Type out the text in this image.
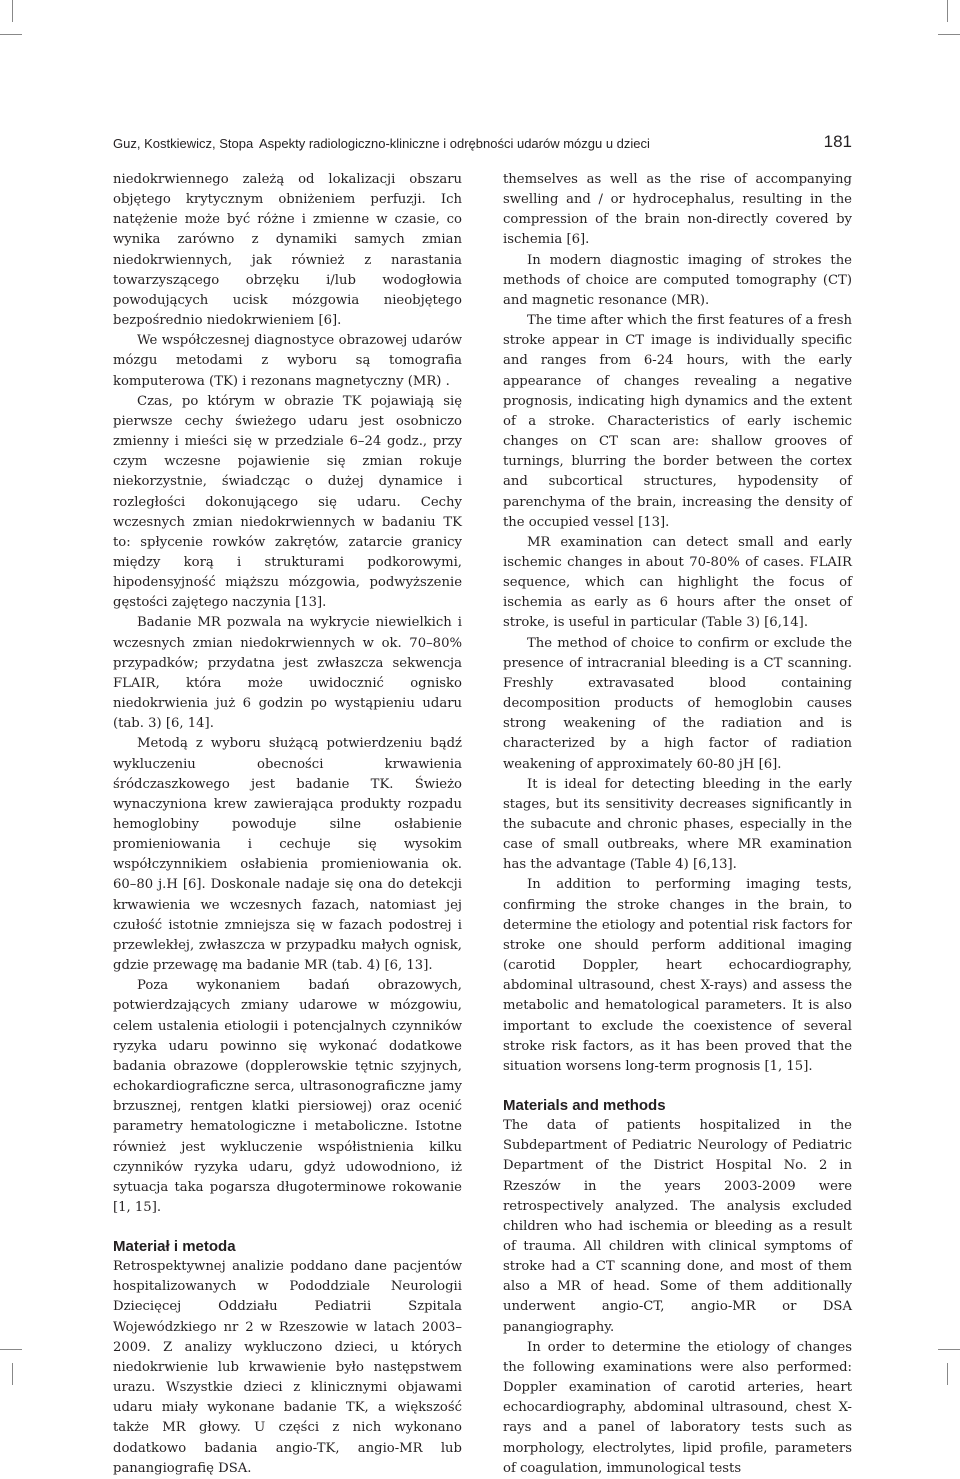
Guz, Kostkiewicz, Stopa Aspekty radiologiczno-kliniczne i odrębności udarów mózgu u dzieci	181

niedokrwiennego zależą od lokalizacji obszaru objętego krytycznym obniżeniem perfuzji. Ich natężenie może być różne i zmienne w czasie, co wynika zarówno z dynamiki samych zmian niedokrwiennych, jak również z narastania towarzyszącego obrzęku i/lub wodogłowia powodujących ucisk mózgowia nieobjętego bezpośrednio niedokrwieniem [6].

We współczesnej diagnostyce obrazowej udarów mózgu metodami z wyboru są tomografia komputerowa (TK) i rezonans magnetyczny (MR) .

Czas, po którym w obrazie TK pojawiają się pierwsze cechy świeżego udaru jest osobniczo zmienny i mieści się w przedziale 6–24 godz., przy czym wczesne pojawienie się zmian rokuje niekorzystnie, świadcząc o dużej dynamice i rozległości dokonującego się udaru. Cechy wczesnych zmian niedokrwiennych w badaniu TK to: spłycenie rowków zakrętów, zatarcie granicy między korą i strukturami podkorowymi, hipodensyjność miąższu mózgowia, podwyższenie gęstości zajętego naczynia [13].

Badanie MR pozwala na wykrycie niewielkich i wczesnych zmian niedokrwiennych w ok. 70–80% przypadków; przydatna jest zwłaszcza sekwencja FLAIR, która może uwidocznić ognisko niedokrwienia już 6 godzin po wystąpieniu udaru (tab. 3) [6, 14].

Metodą z wyboru służącą potwierdzeniu bądź wykluczeniu obecności krwawienia śródczaszkowego jest badanie TK. Świeżo wynaczyniona krew zawierająca produkty rozpadu hemoglobiny powoduje silne osłabienie promieniowania i cechuje się wysokim współczynnikiem osłabienia promieniowania ok. 60–80 j.H [6]. Doskonale nadaje się ona do detekcji krwawienia we wczesnych fazach, natomiast jej czułość istotnie zmniejsza się w fazach podostrej i przewlekłej, zwłaszcza w przypadku małych ognisk, gdzie przewagę ma badanie MR (tab. 4) [6, 13].

Poza wykonaniem badań obrazowych, potwierdzających zmiany udarowe w mózgowiu, celem ustalenia etiologii i potencjalnych czynników ryzyka udaru powinno się wykonać dodatkowe badania obrazowe (dopplerowskie tętnic szyjnych, echokardiograficzne serca, ultrasonograficzne jamy brzusznej, rentgen klatki piersiowej) oraz ocenić parametry hematologiczne i metaboliczne. Istotne również jest wykluczenie współistnienia kilku czynników ryzyka udaru, gdyż udowodniono, iż sytuacja taka pogarsza długoterminowe rokowanie [1, 15].

Materiał i metoda

Retrospektywnej analizie poddano dane pacjentów hospitalizowanych w Pododdziale Neurologii Dziecięcej Oddziału Pediatrii Szpitala Wojewódzkiego nr 2 w Rzeszowie w latach 2003–2009. Z analizy wykluczono dzieci, u których niedokrwienie lub krwawienie było następstwem urazu. Wszystkie dzieci z klinicznymi objawami udaru miały wykonane badanie TK, a większość także MR głowy. U części z nich wykonano dodatkowo badania angio-TK, angio-MR lub panangiografię DSA.

themselves as well as the rise of accompanying swelling and / or hydrocephalus, resulting in the compression of the brain non-directly covered by ischemia [6].

In modern diagnostic imaging of strokes the methods of choice are computed tomography (CT) and magnetic resonance (MR).

The time after which the first features of a fresh stroke appear in CT image is individually specific and ranges from 6-24 hours, with the early appearance of changes revealing a negative prognosis, indicating high dynamics and the extent of a stroke. Characteristics of early ischemic changes on CT scan are: shallow grooves of turnings, blurring the border between the cortex and subcortical structures, hypodensity of parenchyma of the brain, increasing the density of the occupied vessel [13].

MR examination can detect small and early ischemic changes in about 70-80% of cases. FLAIR sequence, which can highlight the focus of ischemia as early as 6 hours after the onset of stroke, is useful in particular (Table 3) [6,14].

The method of choice to confirm or exclude the presence of intracranial bleeding is a CT scanning. Freshly extravasated blood containing decomposition products of hemoglobin causes strong weakening of the radiation and is characterized by a high factor of radiation weakening of approximately 60-80 jH [6].

It is ideal for detecting bleeding in the early stages, but its sensitivity decreases significantly in the subacute and chronic phases, especially in the case of small outbreaks, where MR examination has the advantage (Table 4) [6,13].

In addition to performing imaging tests, confirming the stroke changes in the brain, to determine the etiology and potential risk factors for stroke one should perform additional imaging (carotid Doppler, heart echocardiography, abdominal ultrasound, chest X-rays) and assess the metabolic and hematological parameters. It is also important to exclude the coexistence of several stroke risk factors, as it has been proved that the situation worsens long-term prognosis [1, 15].

Materials and methods

The data of patients hospitalized in the Subdepartment of Pediatric Neurology of Pediatric Department of the District Hospital No. 2 in Rzeszów in the years 2003-2009 were retrospectively analyzed. The analysis excluded children who had ischemia or bleeding as a result of trauma. All children with clinical symptoms of stroke had a CT scanning done, and most of them also a MR of head. Some of them additionally underwent angio-CT, angio-MR or DSA panangiography.

In order to determine the etiology of changes the following examinations were also performed: Doppler examination of carotid arteries, heart echocardiography, abdominal ultrasound, chest X-rays and a panel of laboratory tests such as morphology, electrolytes, lipid profile, parameters of coagulation, immunological tests
